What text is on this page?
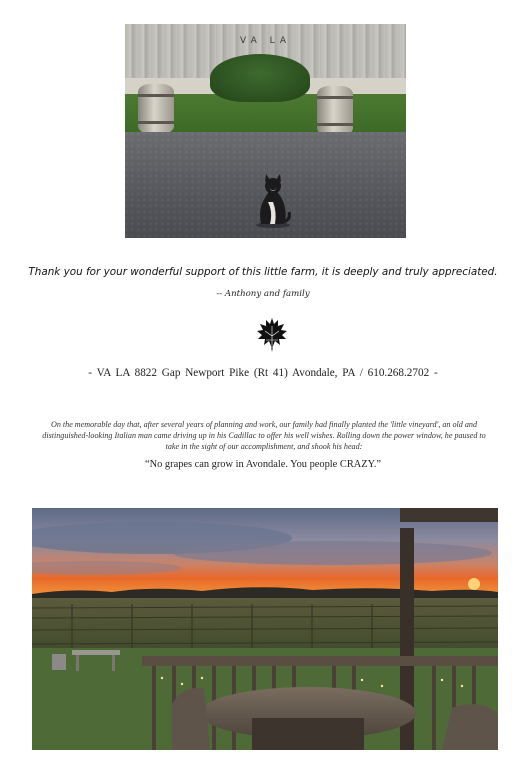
VA LA
Thank you for your wonderful support of this little farm, it is deeply and truly appreciated.
-- Anthony and family
- VA LA 8822 Gap Newport Pike (Rt 41) Avondale, PA / 610.268.2702 -
On the memorable day that, after several years of planning and work, our family had finally planted the 'little vineyard', an old and distinguished-looking Italian man came driving up in his Cadillac to offer his well wishes. Rolling down the power window, he paused to take in the sight of our accomplishment, and shook his head:
“No grapes can grow in Avondale. You people CRAZY.”
